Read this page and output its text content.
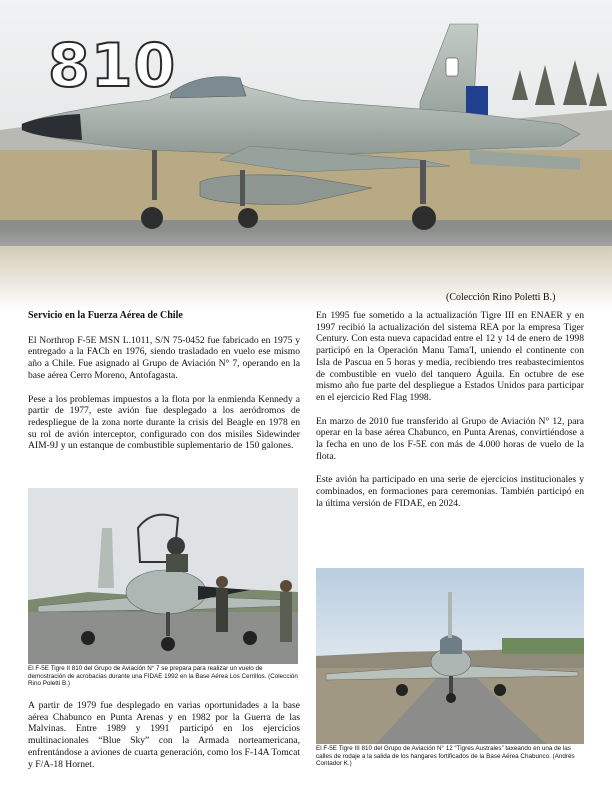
810
(Colección Rino Poletti B.)
Servicio en la Fuerza Aérea de Chile

El Northrop F-5E MSN L.1011, S/N 75-0452 fue fabricado en 1975 y entregado a la FACh en 1976, siendo trasladado en vuelo ese mismo año a Chile. Fue asignado al Grupo de Aviación N° 7, operando en la base aérea Cerro Moreno, Antofagasta.

Pese a los problemas impuestos a la flota por la enmienda Kennedy a partir de 1977, este avión fue desplegado a los aeródromos de redespliegue de la zona norte durante la crisis del Beagle en 1978 en su rol de avión interceptor, configurado con dos misiles Sidewinder AIM-9J y un estanque de combustible suplementario de 150 galones.

El F-5E Tigre II 810 del Grupo de Aviación N° 7 se prepara para realizar un vuelo de demostración de acrobacias durante una FIDAE 1992 en la Base Aérea Los Cerrillos. (Colección Rino Poletti B.)

A partir de 1979 fue desplegado en varias oportunidades a la base aérea Chabunco en Punta Arenas y en 1982 por la Guerra de las Malvinas. Entre 1989 y 1991 participó en los ejercicios multinacionales “Blue Sky” con la Armada norteamericana, enfrentándose a aviones de cuarta generación, como los F-14A Tomcat y F/A-18 Hornet.

En 1995 fue sometido a la actualización Tigre III en ENAER y en 1997 recibió la actualización del sistema REA por la empresa Tiger Century. Con esta nueva capacidad entre el 12 y 14 de enero de 1998 participó en la Operación Manu Tama'I, uniendo el continente con Isla de Pascua en 5 horas y media, recibiendo tres reabastecimientos de combustible en vuelo del tanquero Águila. En octubre de ese mismo año fue parte del despliegue a Estados Unidos para participar en el ejercicio Red Flag 1998.

En marzo de 2010 fue transferido al Grupo de Aviación N° 12, para operar en la base aérea Chabunco, en Punta Arenas, convirtiéndose a la fecha en uno de los F-5E con más de 4.000 horas de vuelo de la flota.

Este avión ha participado en una serie de ejercicios institucionales y combinados, en formaciones para ceremonias. También participó en la última versión de FIDAE, en 2024.

El F-5E Tigre III 810 del Grupo de Aviación N° 12 “Tigres Australes” taxeando en una de las calles de rodaje a la salida de los hangares fortificados de la Base Aérea Chabunco. (Andrés Contador K.)
